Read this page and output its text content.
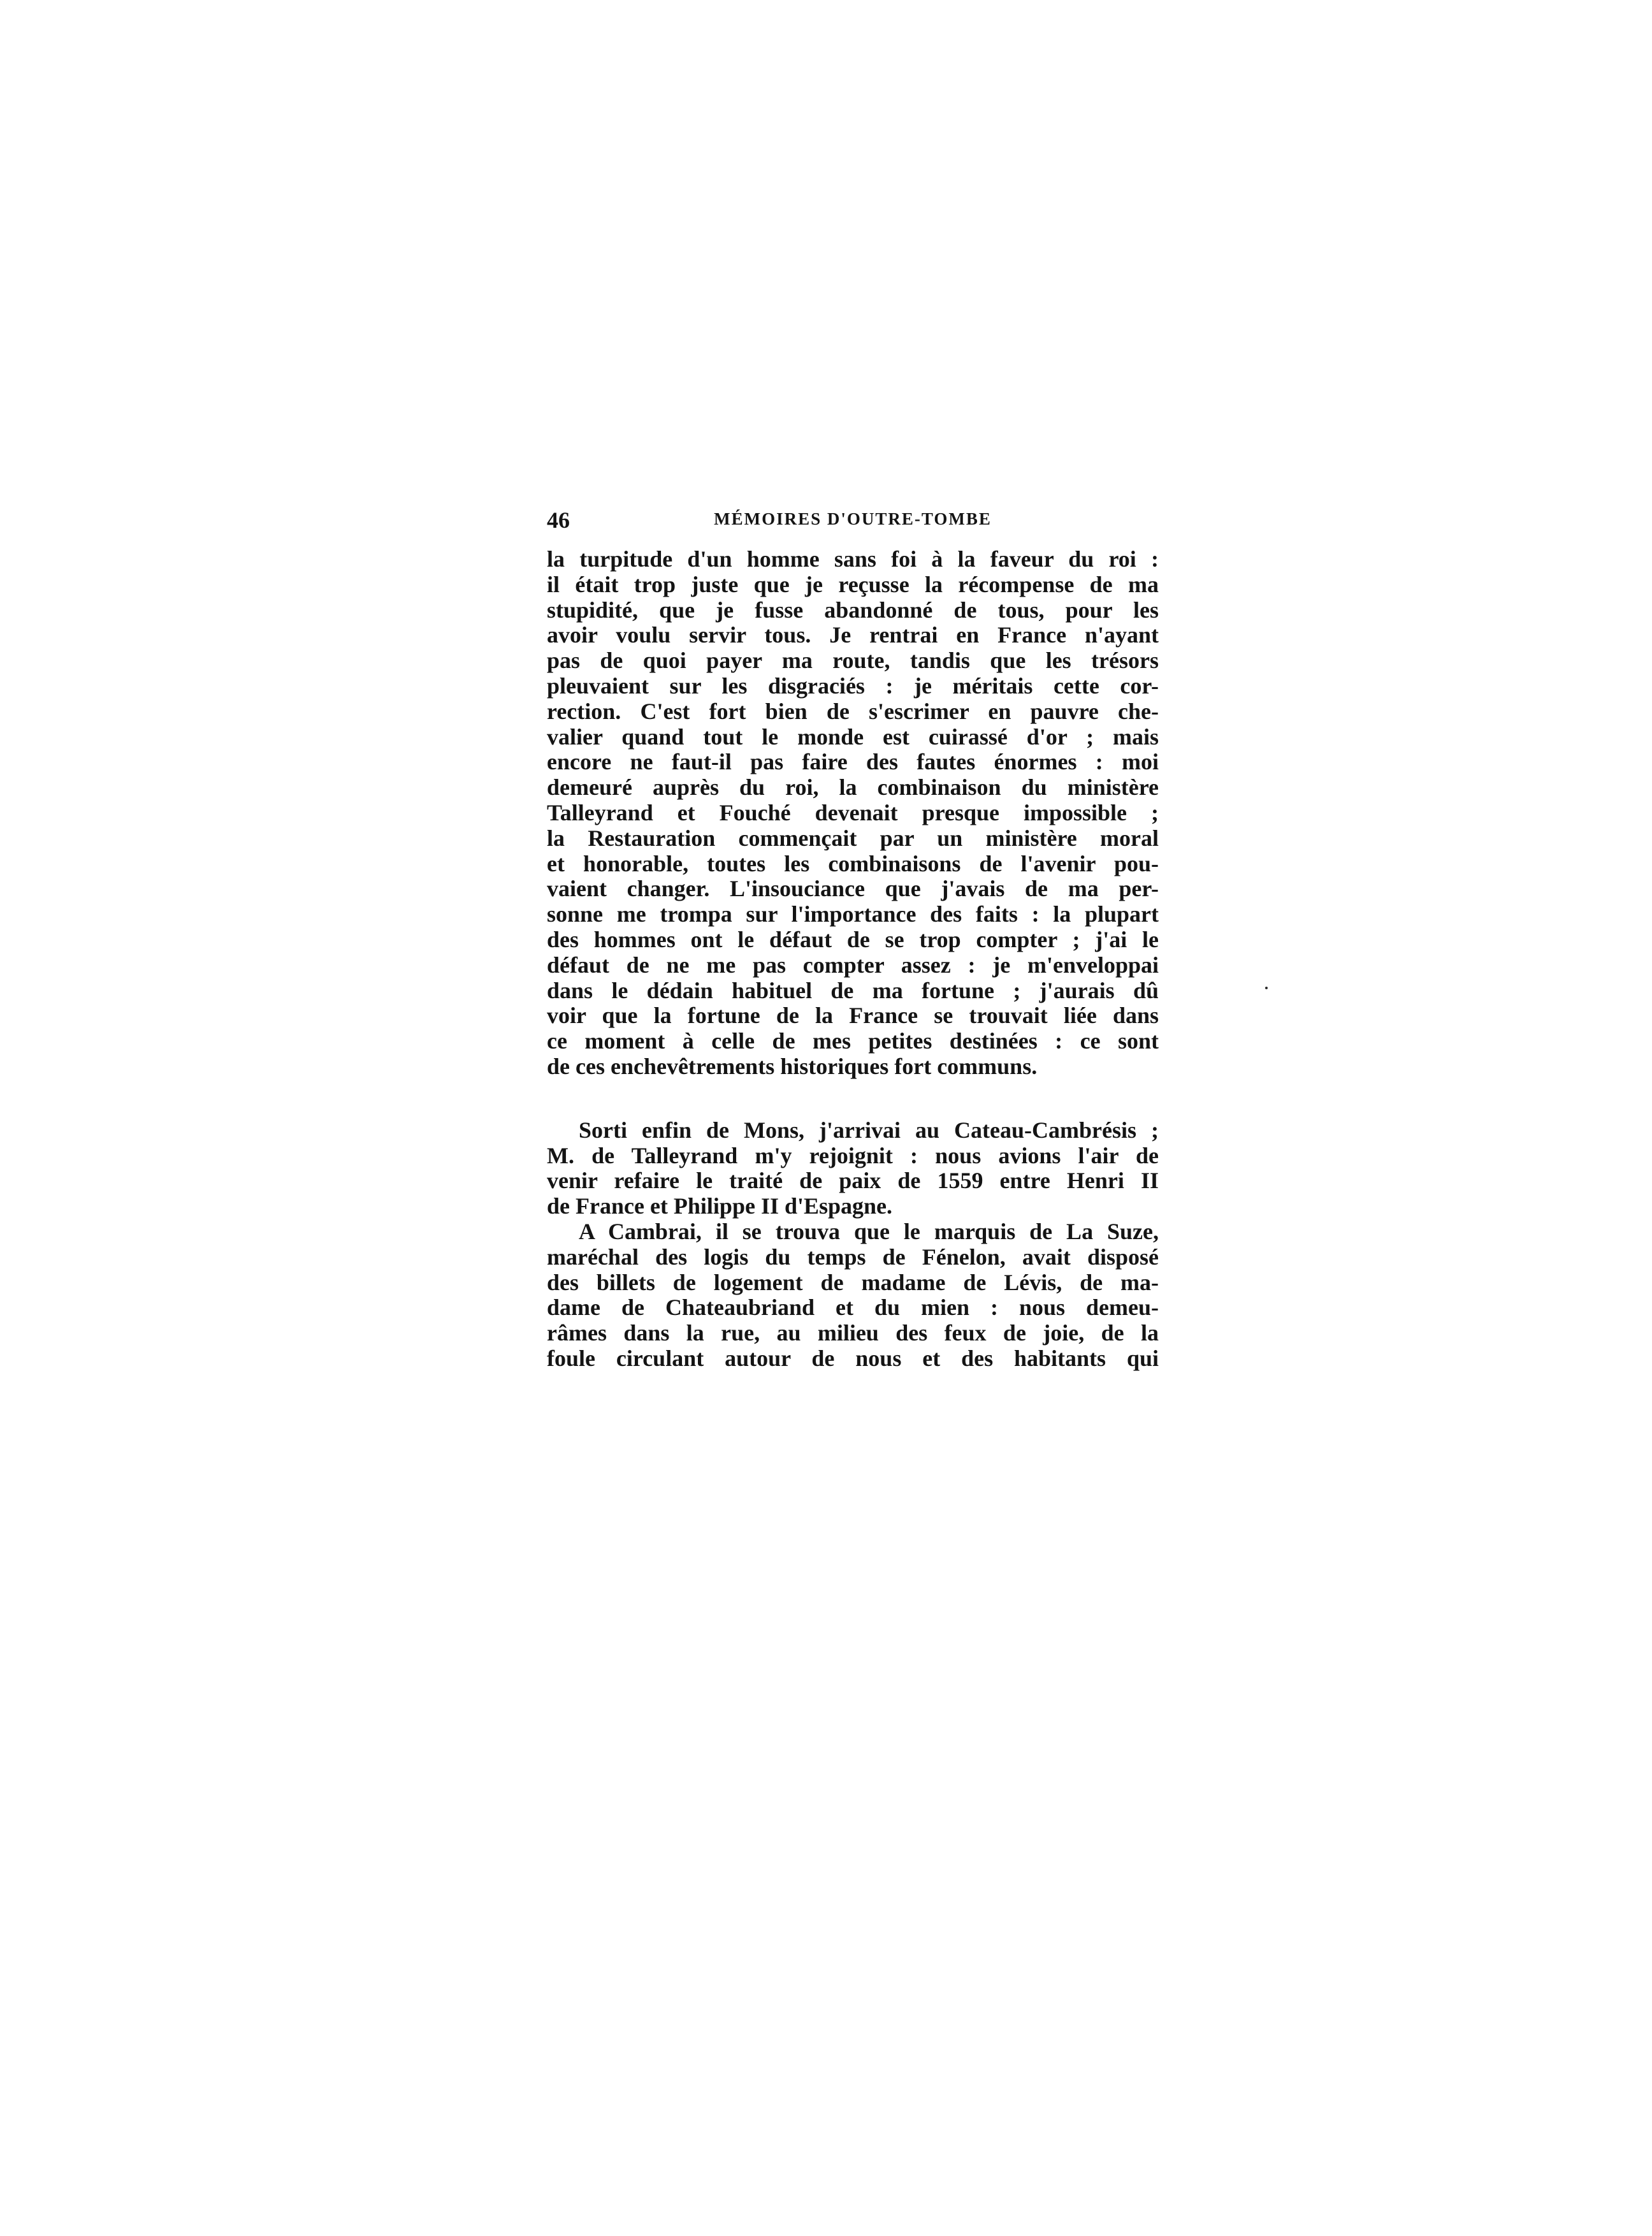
46	MÉMOIRES D'OUTRE-TOMBE
la turpitude d'un homme sans foi à la faveur du roi :
il était trop juste que je reçusse la récompense de ma
stupidité, que je fusse abandonné de tous, pour les
avoir voulu servir tous. Je rentrai en France n'ayant
pas de quoi payer ma route, tandis que les trésors
pleuvaient sur les disgraciés : je méritais cette cor-
rection. C'est fort bien de s'escrimer en pauvre che-
valier quand tout le monde est cuirassé d'or ; mais
encore ne faut-il pas faire des fautes énormes : moi
demeuré auprès du roi, la combinaison du ministère
Talleyrand et Fouché devenait presque impossible ;
la Restauration commençait par un ministère moral
et honorable, toutes les combinaisons de l'avenir pou-
vaient changer. L'insouciance que j'avais de ma per-
sonne me trompa sur l'importance des faits : la plupart
des hommes ont le défaut de se trop compter ; j'ai le
défaut de ne me pas compter assez : je m'enveloppai
dans le dédain habituel de ma fortune ; j'aurais dû
voir que la fortune de la France se trouvait liée dans
ce moment à celle de mes petites destinées : ce sont
de ces enchevêtrements historiques fort communs.
Sorti enfin de Mons, j'arrivai au Cateau-Cambrésis ;
M. de Talleyrand m'y rejoignit : nous avions l'air de
venir refaire le traité de paix de 1559 entre Henri II
de France et Philippe II d'Espagne.
A Cambrai, il se trouva que le marquis de La Suze,
maréchal des logis du temps de Fénelon, avait disposé
des billets de logement de madame de Lévis, de ma-
dame de Chateaubriand et du mien : nous demeu-
râmes dans la rue, au milieu des feux de joie, de la
foule circulant autour de nous et des habitants qui
